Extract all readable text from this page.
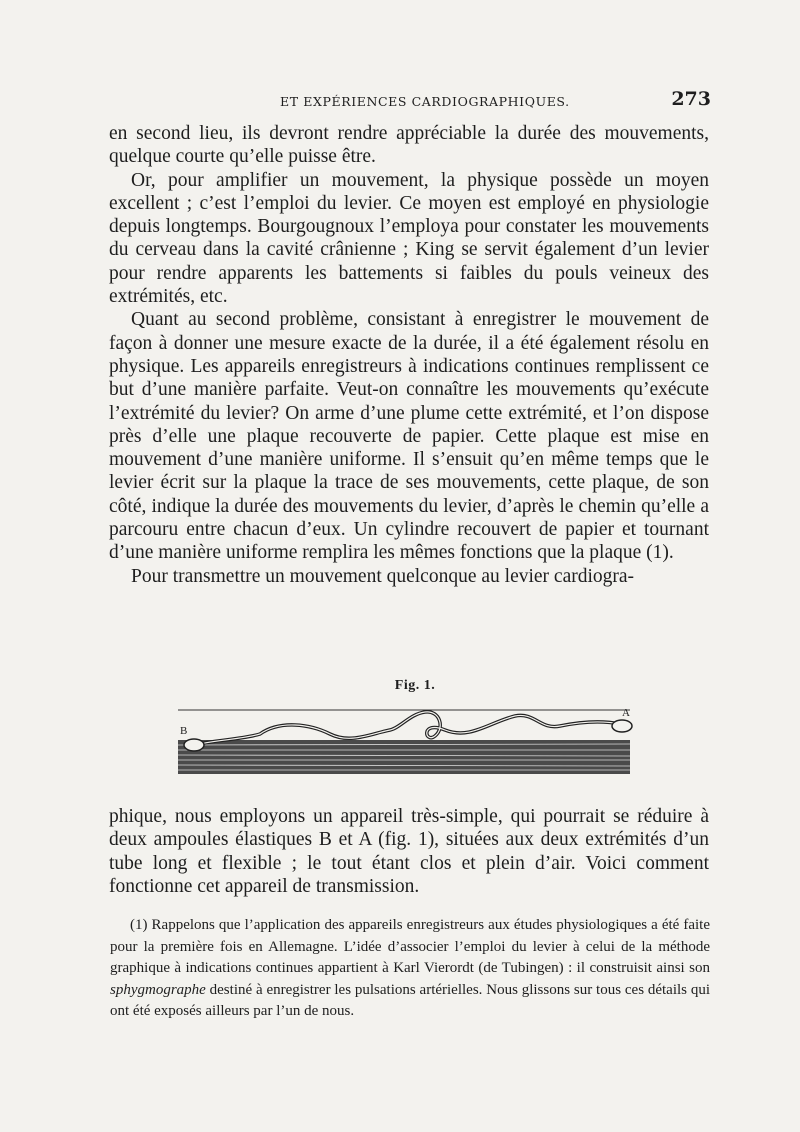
ET EXPÉRIENCES CARDIOGRAPHIQUES.	273

en second lieu, ils devront rendre appréciable la durée des mouvements, quelque courte qu’elle puisse être.

Or, pour amplifier un mouvement, la physique possède un moyen excellent ; c’est l’emploi du levier. Ce moyen est employé en physiologie depuis longtemps. Bourgougnoux l’employa pour constater les mouvements du cerveau dans la cavité crânienne ; King se servit également d’un levier pour rendre apparents les battements si faibles du pouls veineux des extrémités, etc.

Quant au second problème, consistant à enregistrer le mouvement de façon à donner une mesure exacte de la durée, il a été également résolu en physique. Les appareils enregistreurs à indications continues remplissent ce but d’une manière parfaite. Veut-on connaître les mouvements qu’exécute l’extrémité du levier? On arme d’une plume cette extrémité, et l’on dispose près d’elle une plaque recouverte de papier. Cette plaque est mise en mouvement d’une manière uniforme. Il s’ensuit qu’en même temps que le levier écrit sur la plaque la trace de ses mouvements, cette plaque, de son côté, indique la durée des mouvements du levier, d’après le chemin qu’elle a parcouru entre chacun d’eux. Un cylindre recouvert de papier et tournant d’une manière uniforme remplira les mêmes fonctions que la plaque (1).

Pour transmettre un mouvement quelconque au levier cardiogra-

Fig. 1.
B
A

phique, nous employons un appareil très-simple, qui pourrait se réduire à deux ampoules élastiques B et A (fig. 1), situées aux deux extrémités d’un tube long et flexible ; le tout étant clos et plein d’air. Voici comment fonctionne cet appareil de transmission.

(1) Rappelons que l’application des appareils enregistreurs aux études physiologiques a été faite pour la première fois en Allemagne. L’idée d’associer l’emploi du levier à celui de la méthode graphique à indications continues appartient à Karl Vierordt (de Tubingen) : il construisit ainsi son sphygmographe destiné à enregistrer les pulsations artérielles. Nous glissons sur tous ces détails qui ont été exposés ailleurs par l’un de nous.
